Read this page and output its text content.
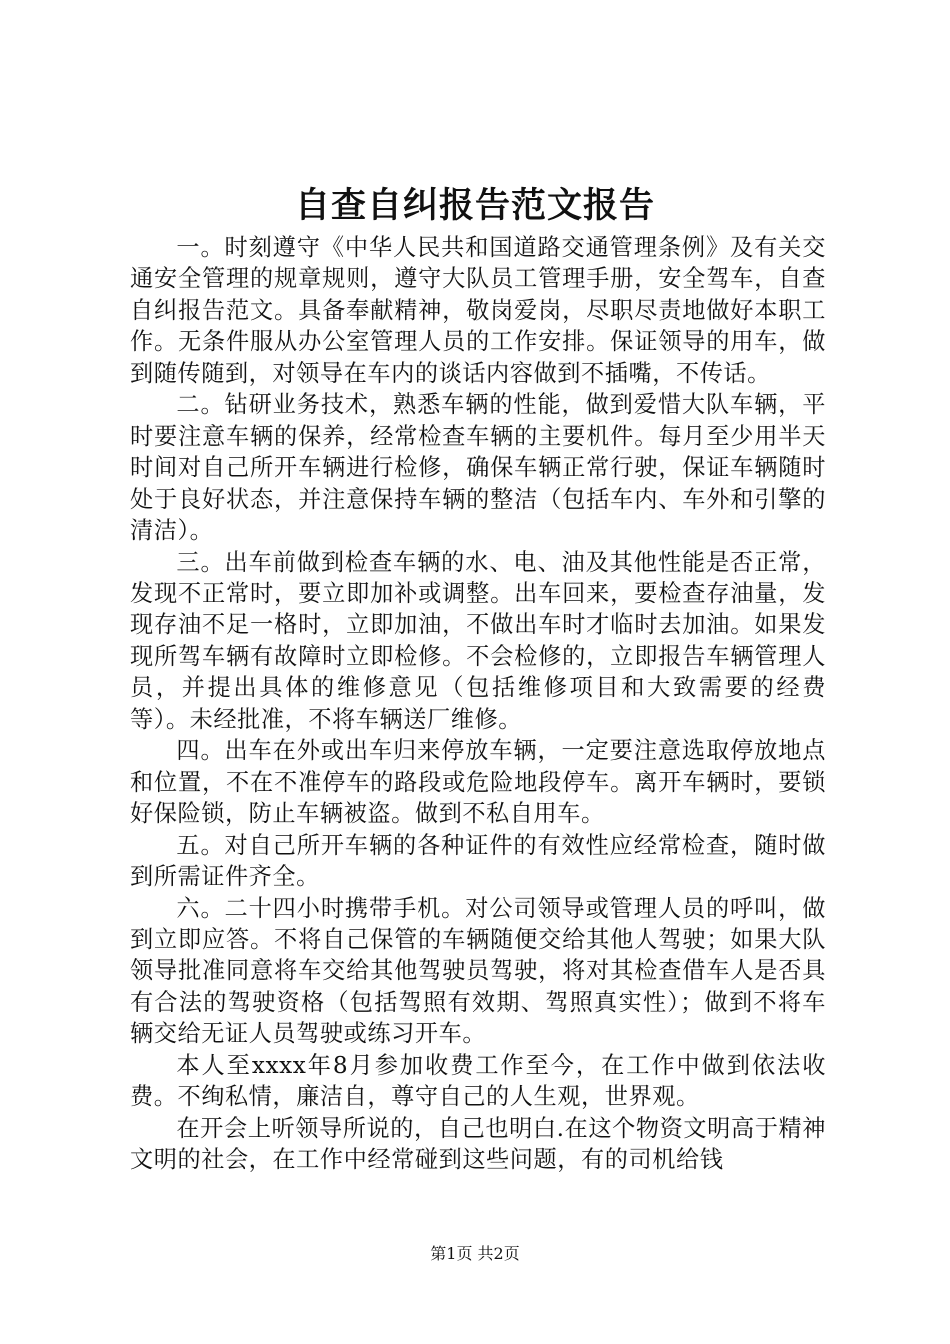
自查自纠报告范文报告

一。时刻遵守《中华人民共和国道路交通管理条例》及有关交通安全管理的规章规则，遵守大队员工管理手册，安全驾车，自查自纠报告范文。具备奉献精神，敬岗爱岗，尽职尽责地做好本职工作。无条件服从办公室管理人员的工作安排。保证领导的用车，做到随传随到，对领导在车内的谈话内容做到不插嘴，不传话。

二。钻研业务技术，熟悉车辆的性能，做到爱惜大队车辆，平时要注意车辆的保养，经常检查车辆的主要机件。每月至少用半天时间对自己所开车辆进行检修，确保车辆正常行驶，保证车辆随时处于良好状态，并注意保持车辆的整洁（包括车内、车外和引擎的清洁）。

三。出车前做到检查车辆的水、电、油及其他性能是否正常，发现不正常时，要立即加补或调整。出车回来，要检查存油量，发现存油不足一格时，立即加油，不做出车时才临时去加油。如果发现所驾车辆有故障时立即检修。不会检修的，立即报告车辆管理人员，并提出具体的维修意见（包括维修项目和大致需要的经费等）。未经批准，不将车辆送厂维修。

四。出车在外或出车归来停放车辆，一定要注意选取停放地点和位置，不在不准停车的路段或危险地段停车。离开车辆时，要锁好保险锁，防止车辆被盗。做到不私自用车。

五。对自己所开车辆的各种证件的有效性应经常检查，随时做到所需证件齐全。

六。二十四小时携带手机。对公司领导或管理人员的呼叫，做到立即应答。不将自己保管的车辆随便交给其他人驾驶；如果大队领导批准同意将车交给其他驾驶员驾驶，将对其检查借车人是否具有合法的驾驶资格（包括驾照有效期、驾照真实性）；做到不将车辆交给无证人员驾驶或练习开车。

本人至xxxx年8月参加收费工作至今，在工作中做到依法收费。不绚私情，廉洁自，尊守自己的人生观，世界观。

在开会上听领导所说的，自己也明白.在这个物资文明高于精神文明的社会，在工作中经常碰到这些问题，有的司机给钱

第1页 共2页
